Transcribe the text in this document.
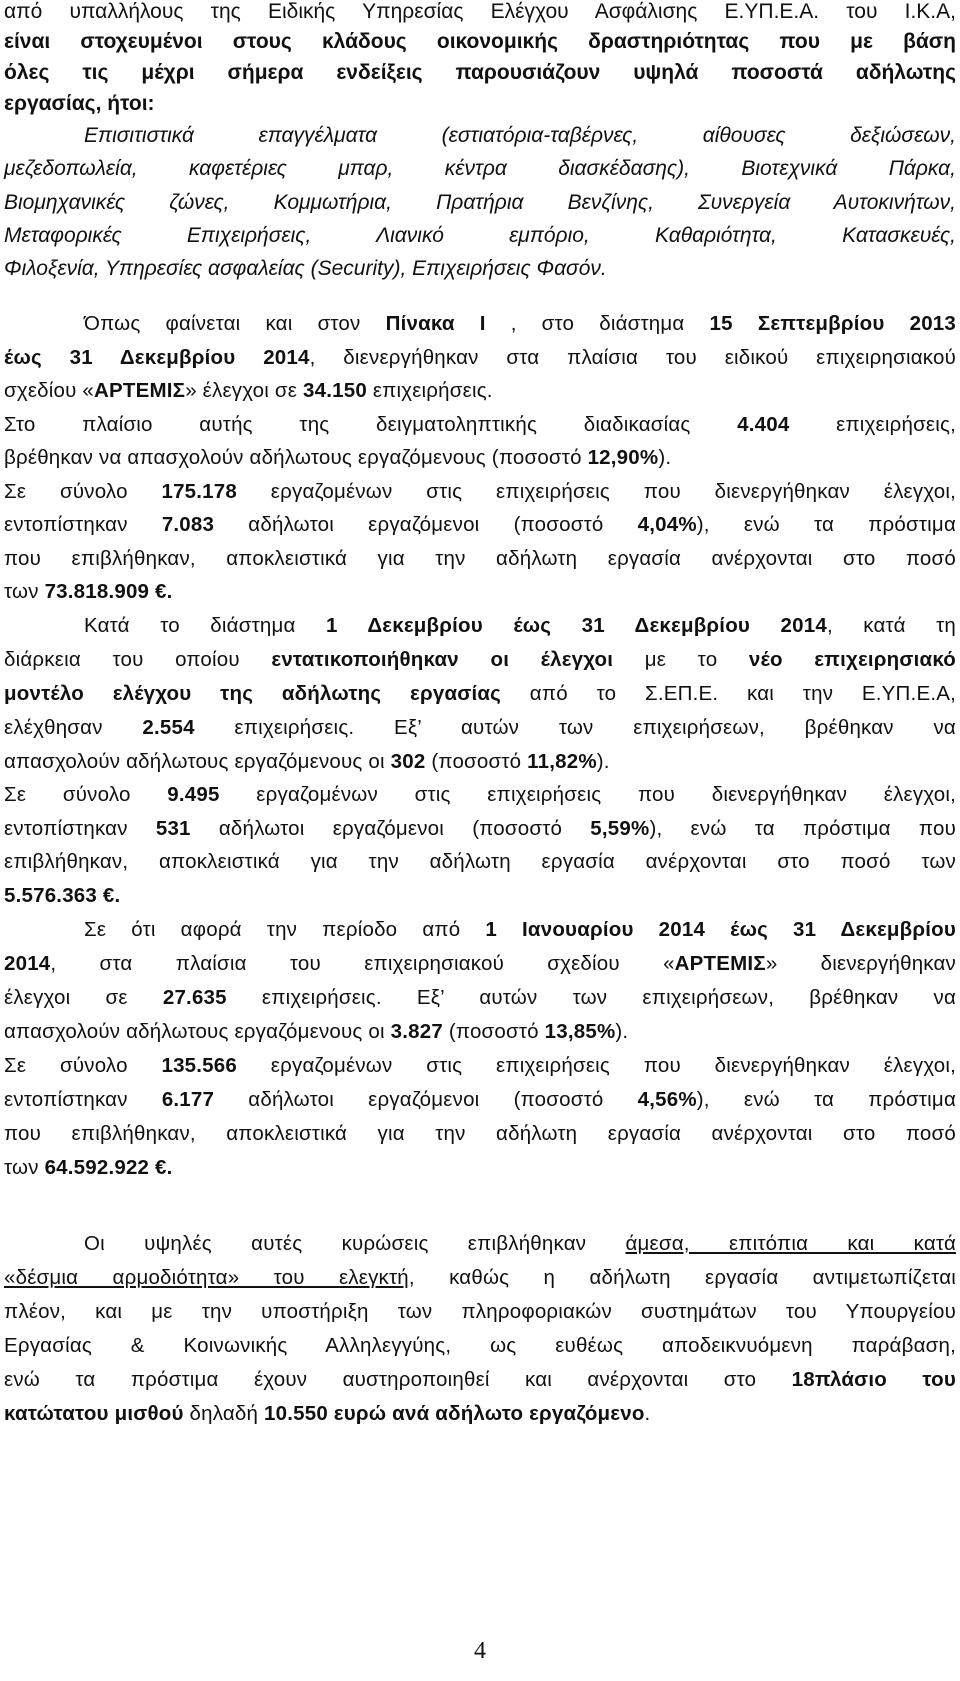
από υπαλλήλους της Ειδικής Υπηρεσίας Ελέγχου Ασφάλισης Ε.ΥΠ.Ε.Α. του Ι.Κ.Α,
είναι στοχευμένοι στους κλάδους οικονομικής δραστηριότητας που με βάση
όλες τις μέχρι σήμερα ενδείξεις παρουσιάζουν υψηλά ποσοστά αδήλωτης
εργασίας, ήτοι:
Επισιτιστικά επαγγέλματα (εστιατόρια-ταβέρνες, αίθουσες δεξιώσεων,
μεζεδοπωλεία, καφετέριες μπαρ, κέντρα διασκέδασης), Βιοτεχνικά Πάρκα,
Βιομηχανικές ζώνες, Κομμωτήρια, Πρατήρια Βενζίνης, Συνεργεία Αυτοκινήτων,
Μεταφορικές Επιχειρήσεις, Λιανικό εμπόριο, Καθαριότητα, Κατασκευές,
Φιλοξενία, Υπηρεσίες ασφαλείας (Security), Επιχειρήσεις Φασόν.
Όπως φαίνεται και στον Πίνακα Ι , στο διάστημα 15 Σεπτεμβρίου 2013
έως 31 Δεκεμβρίου 2014, διενεργήθηκαν στα πλαίσια του ειδικού επιχειρησιακού
σχεδίου «ΑΡΤΕΜΙΣ» έλεγχοι σε 34.150 επιχειρήσεις.
Στο πλαίσιο αυτής της δειγματοληπτικής διαδικασίας 4.404 επιχειρήσεις,
βρέθηκαν να απασχολούν αδήλωτους εργαζόμενους (ποσοστό 12,90%).
Σε σύνολο 175.178 εργαζομένων στις επιχειρήσεις που διενεργήθηκαν έλεγχοι,
εντοπίστηκαν 7.083 αδήλωτοι εργαζόμενοι (ποσοστό 4,04%), ενώ τα πρόστιμα
που επιβλήθηκαν, αποκλειστικά για την αδήλωτη εργασία ανέρχονται στο ποσό
των 73.818.909 €.
Κατά το διάστημα 1 Δεκεμβρίου έως 31 Δεκεμβρίου 2014, κατά τη
διάρκεια του οποίου εντατικοποιήθηκαν οι έλεγχοι με το νέο επιχειρησιακό
μοντέλο ελέγχου της αδήλωτης εργασίας από το Σ.ΕΠ.Ε. και την Ε.ΥΠ.Ε.Α,
ελέχθησαν 2.554 επιχειρήσεις. Εξ’ αυτών των επιχειρήσεων, βρέθηκαν να
απασχολούν αδήλωτους εργαζόμενους οι 302 (ποσοστό 11,82%).
Σε σύνολο 9.495 εργαζομένων στις επιχειρήσεις που διενεργήθηκαν έλεγχοι,
εντοπίστηκαν 531 αδήλωτοι εργαζόμενοι (ποσοστό 5,59%), ενώ τα πρόστιμα που
επιβλήθηκαν, αποκλειστικά για την αδήλωτη εργασία ανέρχονται στο ποσό των
5.576.363 €.
Σε ότι αφορά την περίοδο από 1 Ιανουαρίου 2014 έως 31 Δεκεμβρίου
2014, στα πλαίσια του επιχειρησιακού σχεδίου «ΑΡΤΕΜΙΣ» διενεργήθηκαν
έλεγχοι σε 27.635 επιχειρήσεις. Εξ’ αυτών των επιχειρήσεων, βρέθηκαν να
απασχολούν αδήλωτους εργαζόμενους οι 3.827 (ποσοστό 13,85%).
Σε σύνολο 135.566 εργαζομένων στις επιχειρήσεις που διενεργήθηκαν έλεγχοι,
εντοπίστηκαν 6.177 αδήλωτοι εργαζόμενοι (ποσοστό 4,56%), ενώ τα πρόστιμα
που επιβλήθηκαν, αποκλειστικά για την αδήλωτη εργασία ανέρχονται στο ποσό
των 64.592.922 €.
Οι υψηλές αυτές κυρώσεις επιβλήθηκαν άμεσα, επιτόπια και κατά
«δέσμια αρμοδιότητα» του ελεγκτή, καθώς η αδήλωτη εργασία αντιμετωπίζεται
πλέον, και με την υποστήριξη των πληροφοριακών συστημάτων του Υπουργείου
Εργασίας & Κοινωνικής Αλληλεγγύης, ως ευθέως αποδεικνυόμενη παράβαση,
ενώ τα πρόστιμα έχουν αυστηροποιηθεί και ανέρχονται στο 18πλάσιο του
κατώτατου μισθού δηλαδή 10.550 ευρώ ανά αδήλωτο εργαζόμενο.
4
